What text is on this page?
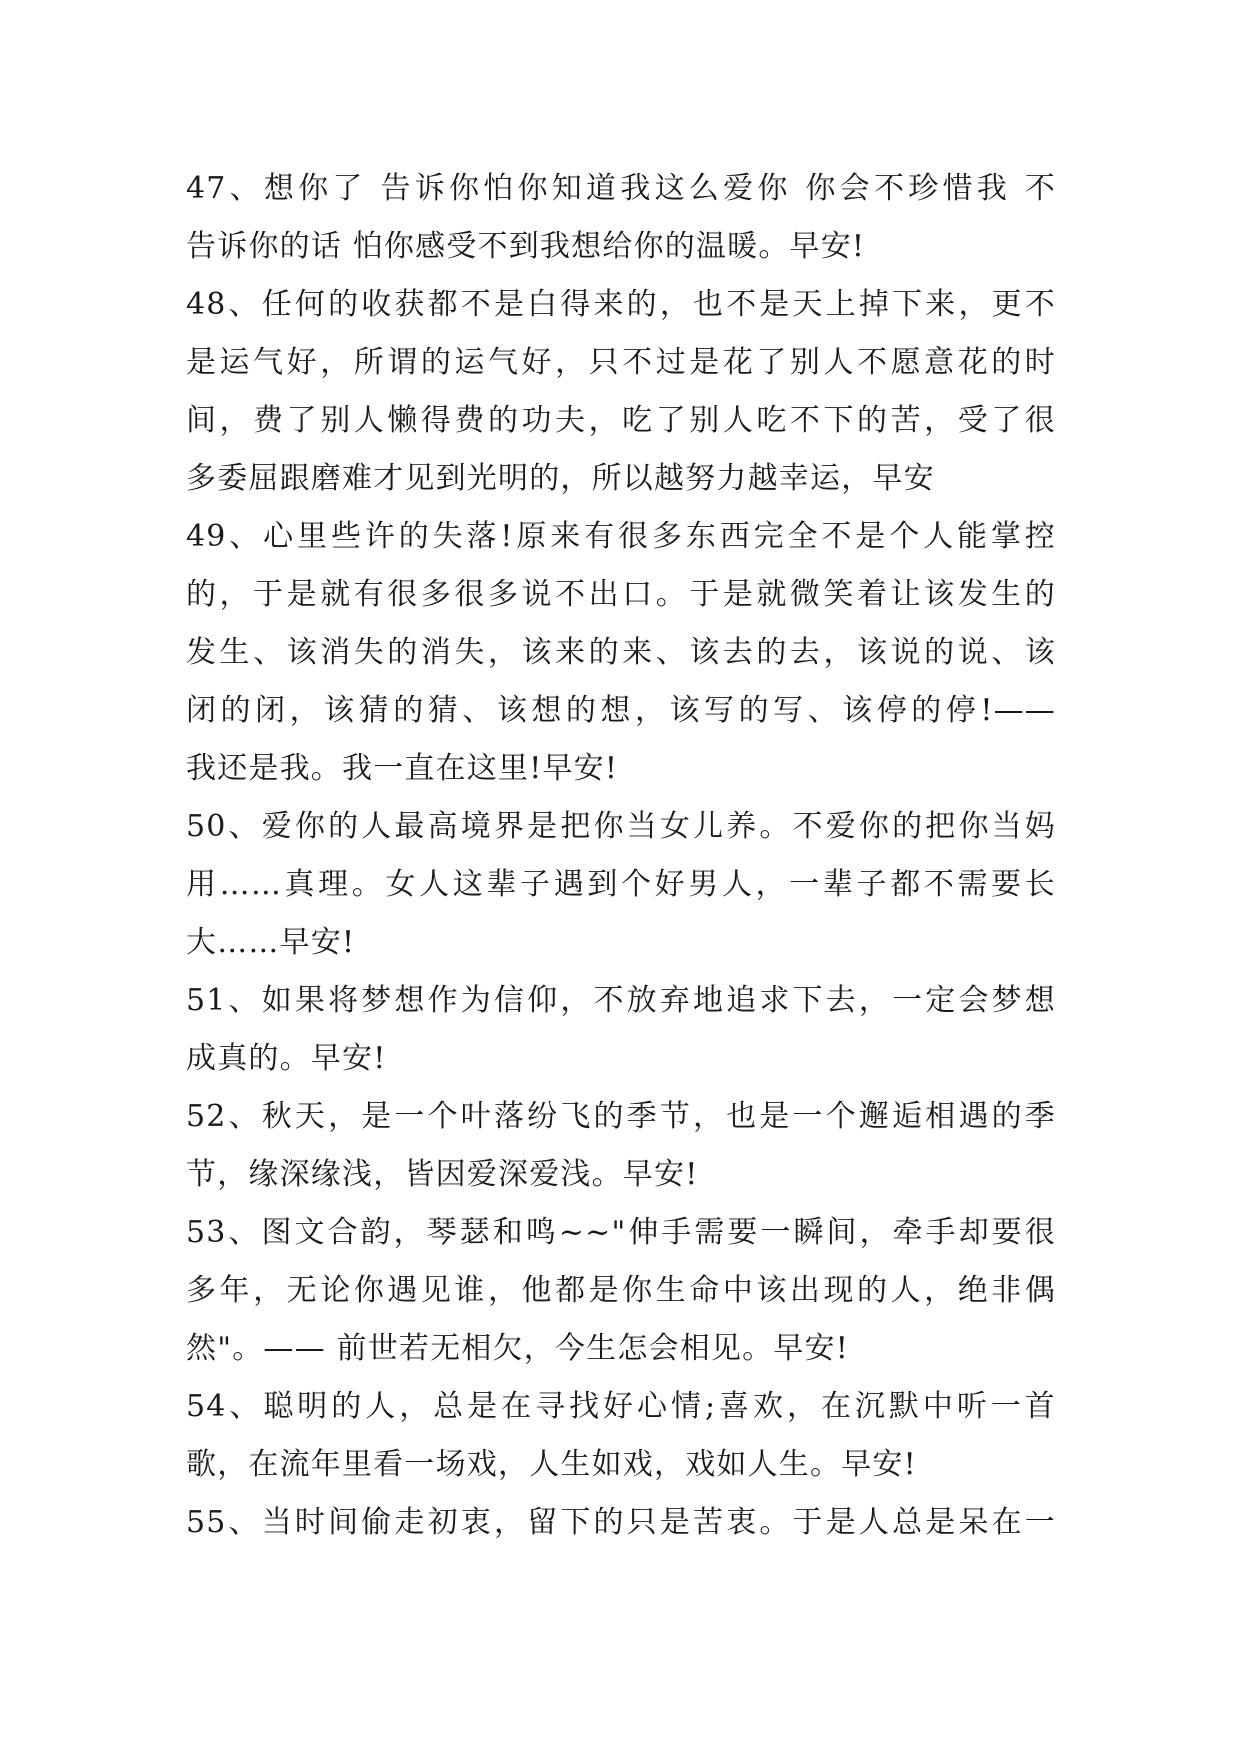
47、想你了 告诉你怕你知道我这么爱你 你会不珍惜我 不
告诉你的话 怕你感受不到我想给你的温暖。早安!
48、任何的收获都不是白得来的，也不是天上掉下来，更不
是运气好，所谓的运气好，只不过是花了别人不愿意花的时
间，费了别人懒得费的功夫，吃了别人吃不下的苦，受了很
多委屈跟磨难才见到光明的，所以越努力越幸运，早安
49、心里些许的失落!原来有很多东西完全不是个人能掌控
的，于是就有很多很多说不出口。于是就微笑着让该发生的
发生、该消失的消失，该来的来、该去的去，该说的说、该
闭的闭，该猜的猜、该想的想，该写的写、该停的停!——
我还是我。我一直在这里!早安!
50、爱你的人最高境界是把你当女儿养。不爱你的把你当妈
用……真理。女人这辈子遇到个好男人，一辈子都不需要长
大……早安!
51、如果将梦想作为信仰，不放弃地追求下去，一定会梦想
成真的。早安!
52、秋天，是一个叶落纷飞的季节，也是一个邂逅相遇的季
节，缘深缘浅，皆因爱深爱浅。早安!
53、图文合韵，琴瑟和鸣~~"伸手需要一瞬间，牵手却要很
多年，无论你遇见谁，他都是你生命中该出现的人，绝非偶
然"。—— 前世若无相欠，今生怎会相见。早安!
54、聪明的人，总是在寻找好心情;喜欢，在沉默中听一首
歌，在流年里看一场戏，人生如戏，戏如人生。早安!
55、当时间偷走初衷，留下的只是苦衷。于是人总是呆在一
